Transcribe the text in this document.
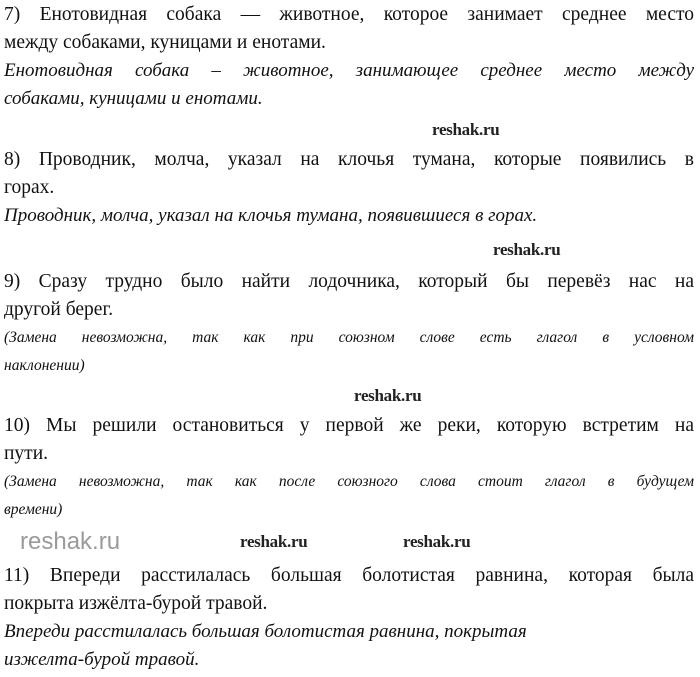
7) Енотовидная собака — животное, которое занимает среднее место
между собаками, куницами и енотами.
Енотовидная собака – животное, занимающее среднее место между
собаками, куницами и енотами.
8) Проводник, молча, указал на клочья тумана, которые появились в
горах.
Проводник, молча, указал на клочья тумана, появившиеся в горах.
9) Сразу трудно было найти лодочника, который бы перевёз нас на
другой берег.
(Замена невозможна, так как при союзном слове есть глагол в условном
наклонении)
10) Мы решили остановиться у первой же реки, которую встретим на
пути.
(Замена невозможна, так как после союзного слова стоит глагол в будущем
времени)
11) Впереди расстилалась большая болотистая равнина, которая была
покрыта изжёлта-бурой травой.
Впереди расстилалась большая болотистая равнина, покрытая
изжелта-бурой травой.
reshak.ru
reshak.ru
reshak.ru
reshak.ru	reshak.ru
reshak.ru
